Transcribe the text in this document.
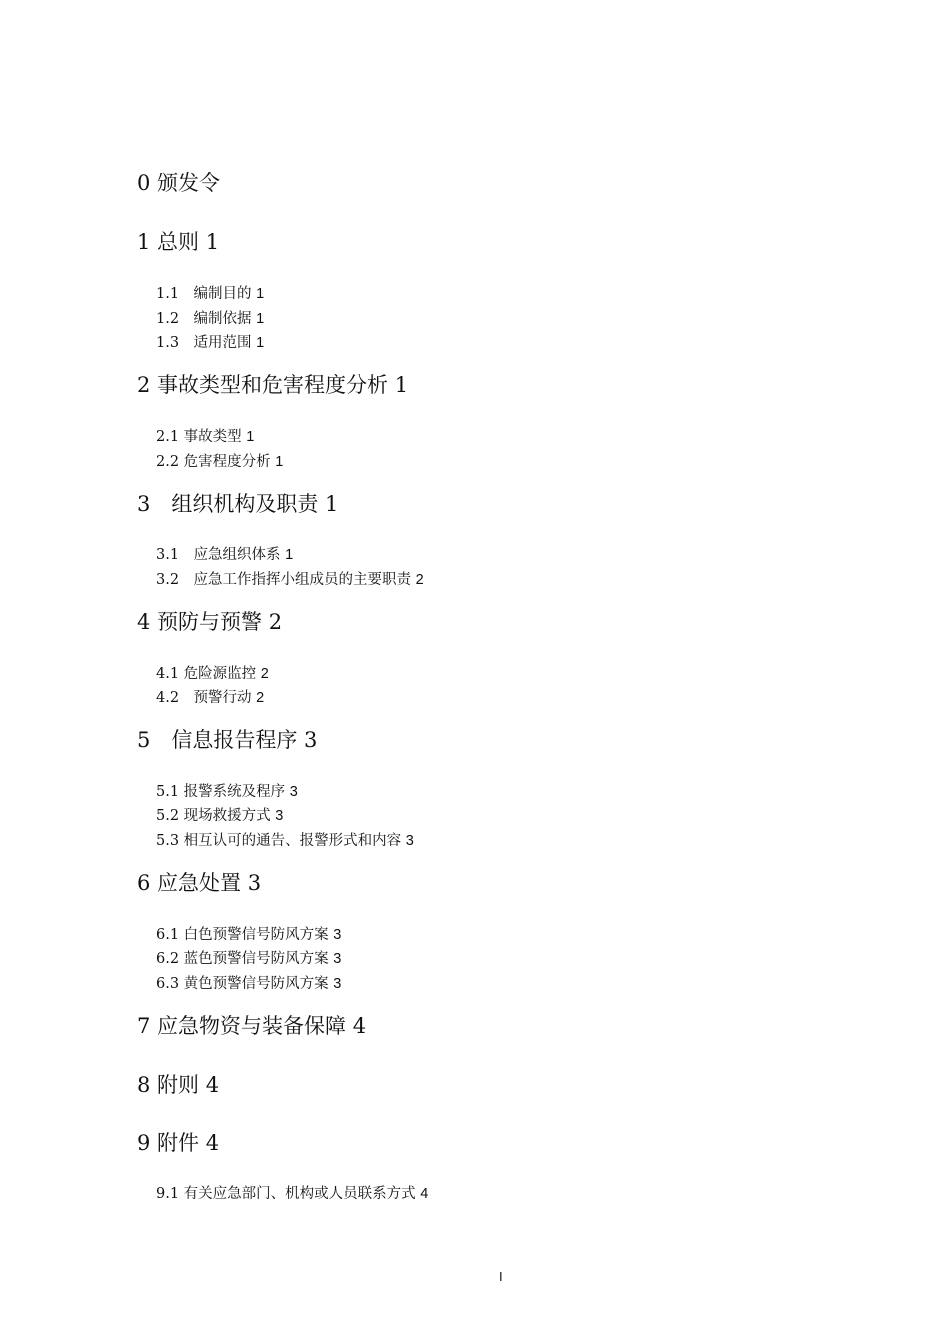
0 颁发令
1 总则 1
1.1　编制目的 1
1.2　编制依据 1
1.3　适用范围 1
2 事故类型和危害程度分析 1
2.1 事故类型 1
2.2 危害程度分析 1
3　组织机构及职责 1
3.1　应急组织体系 1
3.2　应急工作指挥小组成员的主要职责 2
4 预防与预警 2
4.1 危险源监控 2
4.2　预警行动 2
5　信息报告程序 3
5.1 报警系统及程序 3
5.2 现场救援方式 3
5.3 相互认可的通告、报警形式和内容 3
6 应急处置 3
6.1 白色预警信号防风方案 3
6.2 蓝色预警信号防风方案 3
6.3 黄色预警信号防风方案 3
7 应急物资与装备保障 4
8 附则 4
9 附件 4
9.1 有关应急部门、机构或人员联系方式 4
I
